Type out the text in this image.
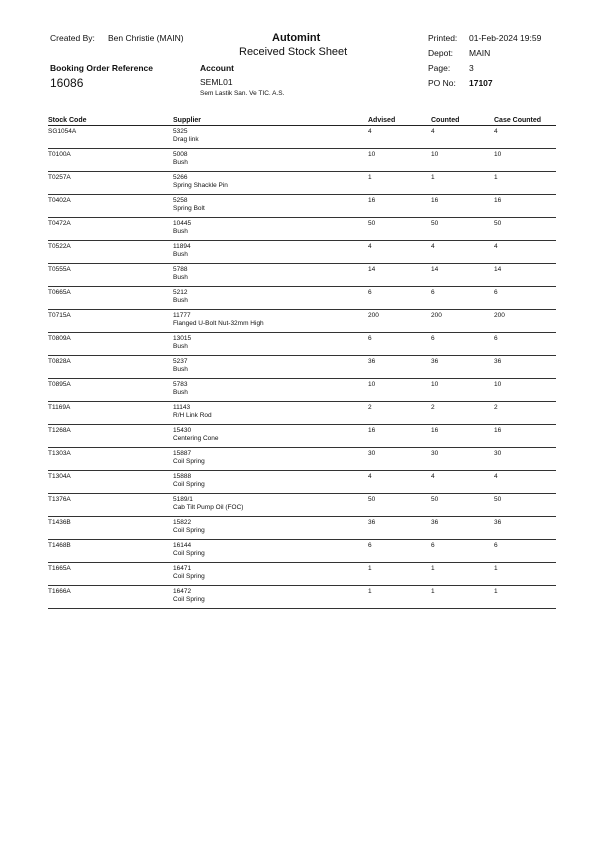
Created By: Ben Christie (MAIN)	Automint
Received Stock Sheet
Printed: 01-Feb-2024 19:59
Depot: MAIN
Page: 3
PO No: 17107
Booking Order Reference
16086
Account
SEML01
Sem Lastik San. Ve TIC. A.S.
Stock Code	Supplier	Advised	Counted	Case Counted

SG1054A	5325
Drag link	4	4	4

T0100A	5008
Bush	10	10	10

T0257A	5266
Spring Shackle Pin	1	1	1

T0402A	5258
Spring Bolt	16	16	16

T0472A	10445
Bush	50	50	50

T0522A	11894
Bush	4	4	4

T0555A	5788
Bush	14	14	14

T0665A	5212
Bush	6	6	6

T0715A	11777
Flanged U-Bolt Nut-32mm High	200	200	200

T0809A	13015
Bush	6	6	6

T0828A	5237
Bush	36	36	36

T0895A	5783
Bush	10	10	10

T1169A	11143
R/H Link Rod	2	2	2

T1268A	15430
Centering Cone	16	16	16

T1303A	15887
Coil Spring	30	30	30

T1304A	15888
Coil Spring	4	4	4

T1376A	5189/1
Cab Tilt Pump Oil (FOC)	50	50	50

T1436B	15822
Coil Spring	36	36	36

T1468B	16144
Coil Spring	6	6	6

T1665A	16471
Coil Spring	1	1	1

T1666A	16472
Coil Spring	1	1	1
